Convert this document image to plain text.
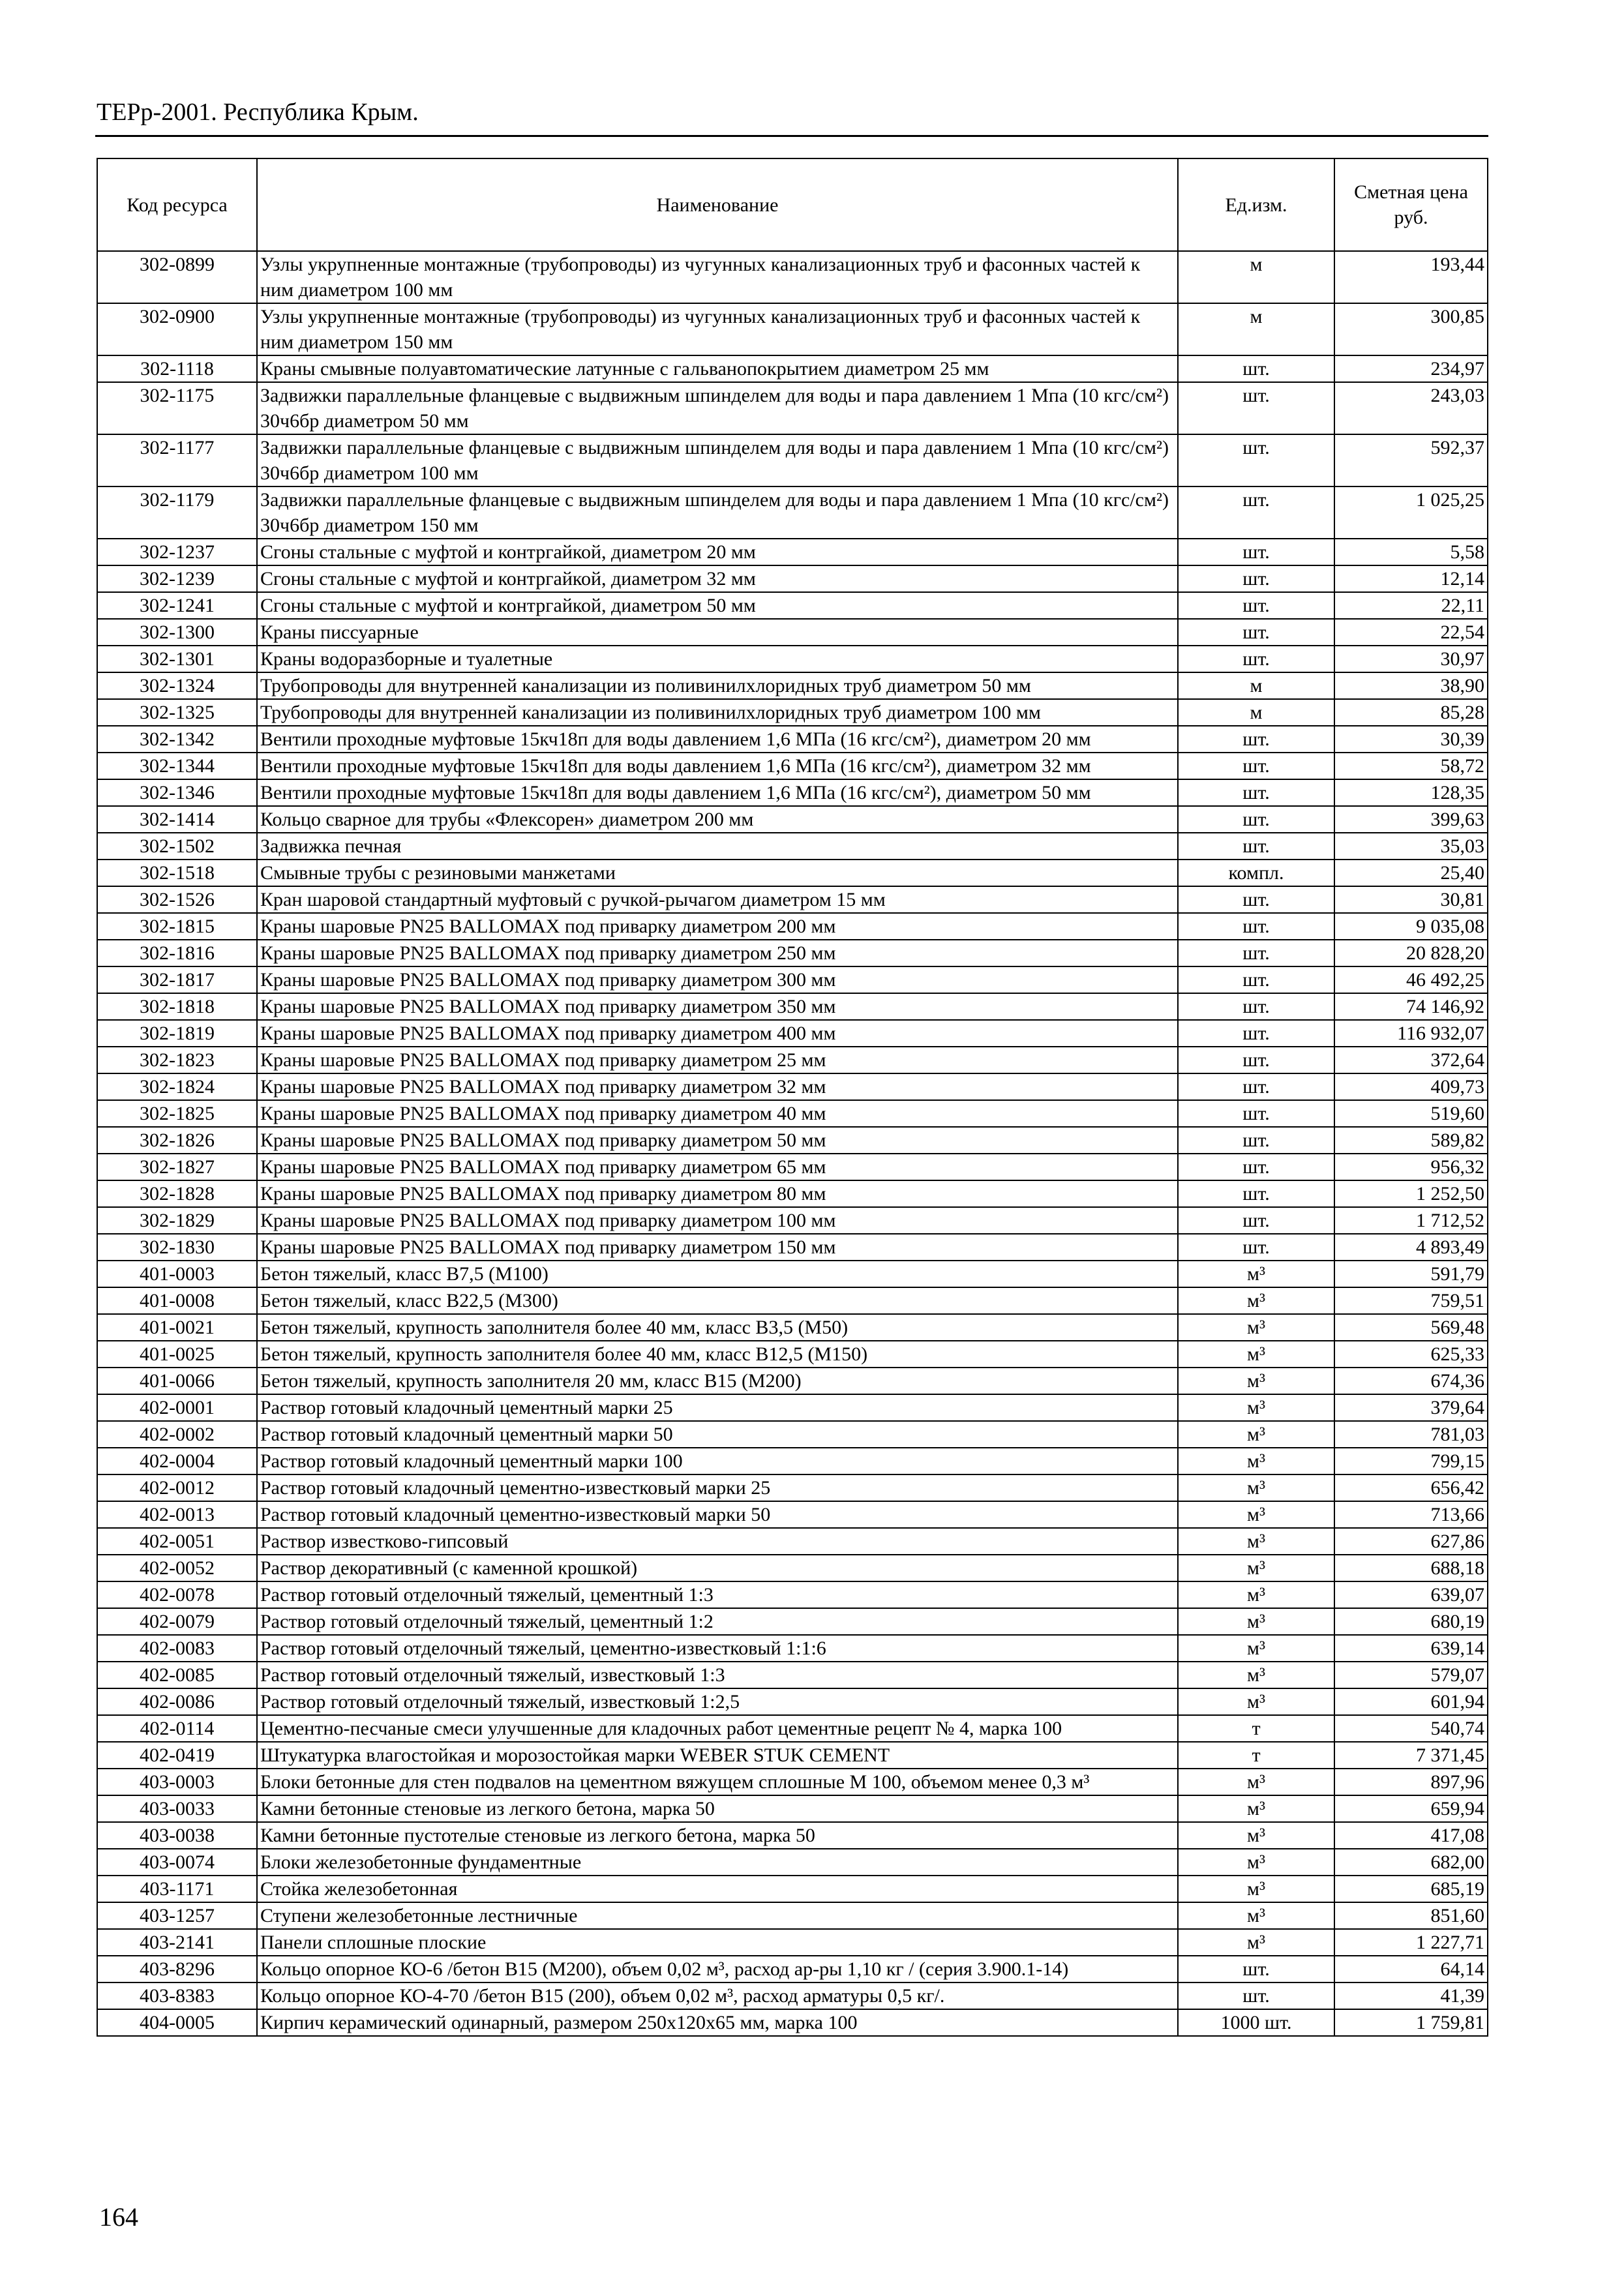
ТЕРр-2001. Республика Крым.
Код ресурса	Наименование	Ед.изм.	Сметная цена руб.
302-0899	Узлы укрупненные монтажные (трубопроводы) из чугунных канализационных труб и фасонных частей к ним диаметром 100 мм	м	193,44
302-0900	Узлы укрупненные монтажные (трубопроводы) из чугунных канализационных труб и фасонных частей к ним диаметром 150 мм	м	300,85
302-1118	Краны смывные полуавтоматические латунные с гальванопокрытием диаметром 25 мм	шт.	234,97
302-1175	Задвижки параллельные фланцевые с выдвижным шпинделем для воды и пара давлением 1 Мпа (10 кгс/см²) 30ч6бр диаметром 50 мм	шт.	243,03
302-1177	Задвижки параллельные фланцевые с выдвижным шпинделем для воды и пара давлением 1 Мпа (10 кгс/см²) 30ч6бр диаметром 100 мм	шт.	592,37
302-1179	Задвижки параллельные фланцевые с выдвижным шпинделем для воды и пара давлением 1 Мпа (10 кгс/см²) 30ч6бр диаметром 150 мм	шт.	1 025,25
302-1237	Сгоны стальные с муфтой и контргайкой, диаметром 20 мм	шт.	5,58
302-1239	Сгоны стальные с муфтой и контргайкой, диаметром 32 мм	шт.	12,14
302-1241	Сгоны стальные с муфтой и контргайкой, диаметром 50 мм	шт.	22,11
302-1300	Краны писсуарные	шт.	22,54
302-1301	Краны водоразборные и туалетные	шт.	30,97
302-1324	Трубопроводы для внутренней канализации из поливинилхлоридных труб диаметром 50 мм	м	38,90
302-1325	Трубопроводы для внутренней канализации из поливинилхлоридных труб диаметром 100 мм	м	85,28
302-1342	Вентили проходные муфтовые 15кч18п для воды давлением 1,6 МПа (16 кгс/см²), диаметром 20 мм	шт.	30,39
302-1344	Вентили проходные муфтовые 15кч18п для воды давлением 1,6 МПа (16 кгс/см²), диаметром 32 мм	шт.	58,72
302-1346	Вентили проходные муфтовые 15кч18п для воды давлением 1,6 МПа (16 кгс/см²), диаметром 50 мм	шт.	128,35
302-1414	Кольцо сварное для трубы «Флексорен» диаметром 200 мм	шт.	399,63
302-1502	Задвижка печная	шт.	35,03
302-1518	Смывные трубы с резиновыми манжетами	компл.	25,40
302-1526	Кран шаровой стандартный муфтовый с ручкой-рычагом диаметром 15 мм	шт.	30,81
302-1815	Краны шаровые PN25 BALLOMAX под приварку диаметром 200 мм	шт.	9 035,08
302-1816	Краны шаровые PN25 BALLOMAX под приварку диаметром 250 мм	шт.	20 828,20
302-1817	Краны шаровые PN25 BALLOMAX под приварку диаметром 300 мм	шт.	46 492,25
302-1818	Краны шаровые PN25 BALLOMAX под приварку диаметром 350 мм	шт.	74 146,92
302-1819	Краны шаровые PN25 BALLOMAX под приварку диаметром 400 мм	шт.	116 932,07
302-1823	Краны шаровые PN25 BALLOMAX под приварку диаметром 25 мм	шт.	372,64
302-1824	Краны шаровые PN25 BALLOMAX под приварку диаметром 32 мм	шт.	409,73
302-1825	Краны шаровые PN25 BALLOMAX под приварку диаметром 40 мм	шт.	519,60
302-1826	Краны шаровые PN25 BALLOMAX под приварку диаметром 50 мм	шт.	589,82
302-1827	Краны шаровые PN25 BALLOMAX под приварку диаметром 65 мм	шт.	956,32
302-1828	Краны шаровые PN25 BALLOMAX под приварку диаметром 80 мм	шт.	1 252,50
302-1829	Краны шаровые PN25 BALLOMAX под приварку диаметром 100 мм	шт.	1 712,52
302-1830	Краны шаровые PN25 BALLOMAX под приварку диаметром 150 мм	шт.	4 893,49
401-0003	Бетон тяжелый, класс В7,5 (М100)	м³	591,79
401-0008	Бетон тяжелый, класс В22,5 (М300)	м³	759,51
401-0021	Бетон тяжелый, крупность заполнителя более 40 мм, класс В3,5 (М50)	м³	569,48
401-0025	Бетон тяжелый, крупность заполнителя более 40 мм, класс В12,5 (М150)	м³	625,33
401-0066	Бетон тяжелый, крупность заполнителя 20 мм, класс В15 (М200)	м³	674,36
402-0001	Раствор готовый кладочный цементный марки 25	м³	379,64
402-0002	Раствор готовый кладочный цементный марки 50	м³	781,03
402-0004	Раствор готовый кладочный цементный марки 100	м³	799,15
402-0012	Раствор готовый кладочный цементно-известковый марки 25	м³	656,42
402-0013	Раствор готовый кладочный цементно-известковый марки 50	м³	713,66
402-0051	Раствор известково-гипсовый	м³	627,86
402-0052	Раствор декоративный (с каменной крошкой)	м³	688,18
402-0078	Раствор готовый отделочный тяжелый, цементный 1:3	м³	639,07
402-0079	Раствор готовый отделочный тяжелый, цементный 1:2	м³	680,19
402-0083	Раствор готовый отделочный тяжелый, цементно-известковый 1:1:6	м³	639,14
402-0085	Раствор готовый отделочный тяжелый, известковый 1:3	м³	579,07
402-0086	Раствор готовый отделочный тяжелый, известковый 1:2,5	м³	601,94
402-0114	Цементно-песчаные смеси улучшенные для кладочных работ цементные рецепт № 4, марка 100	т	540,74
402-0419	Штукатурка влагостойкая и морозостойкая марки WEBER STUK CEMENT	т	7 371,45
403-0003	Блоки бетонные для стен подвалов на цементном вяжущем сплошные М 100, объемом менее 0,3 м³	м³	897,96
403-0033	Камни бетонные стеновые из легкого бетона, марка 50	м³	659,94
403-0038	Камни бетонные пустотелые стеновые из легкого бетона, марка 50	м³	417,08
403-0074	Блоки железобетонные фундаментные	м³	682,00
403-1171	Стойка железобетонная	м³	685,19
403-1257	Ступени железобетонные лестничные	м³	851,60
403-2141	Панели сплошные плоские	м³	1 227,71
403-8296	Кольцо опорное КО-6 /бетон В15 (М200), объем 0,02 м³, расход ар-ры 1,10 кг / (серия 3.900.1-14)	шт.	64,14
403-8383	Кольцо опорное КО-4-70 /бетон В15 (200), объем 0,02 м³, расход арматуры 0,5 кг/.	шт.	41,39
404-0005	Кирпич керамический одинарный, размером 250х120х65 мм, марка 100	1000 шт.	1 759,81
164
